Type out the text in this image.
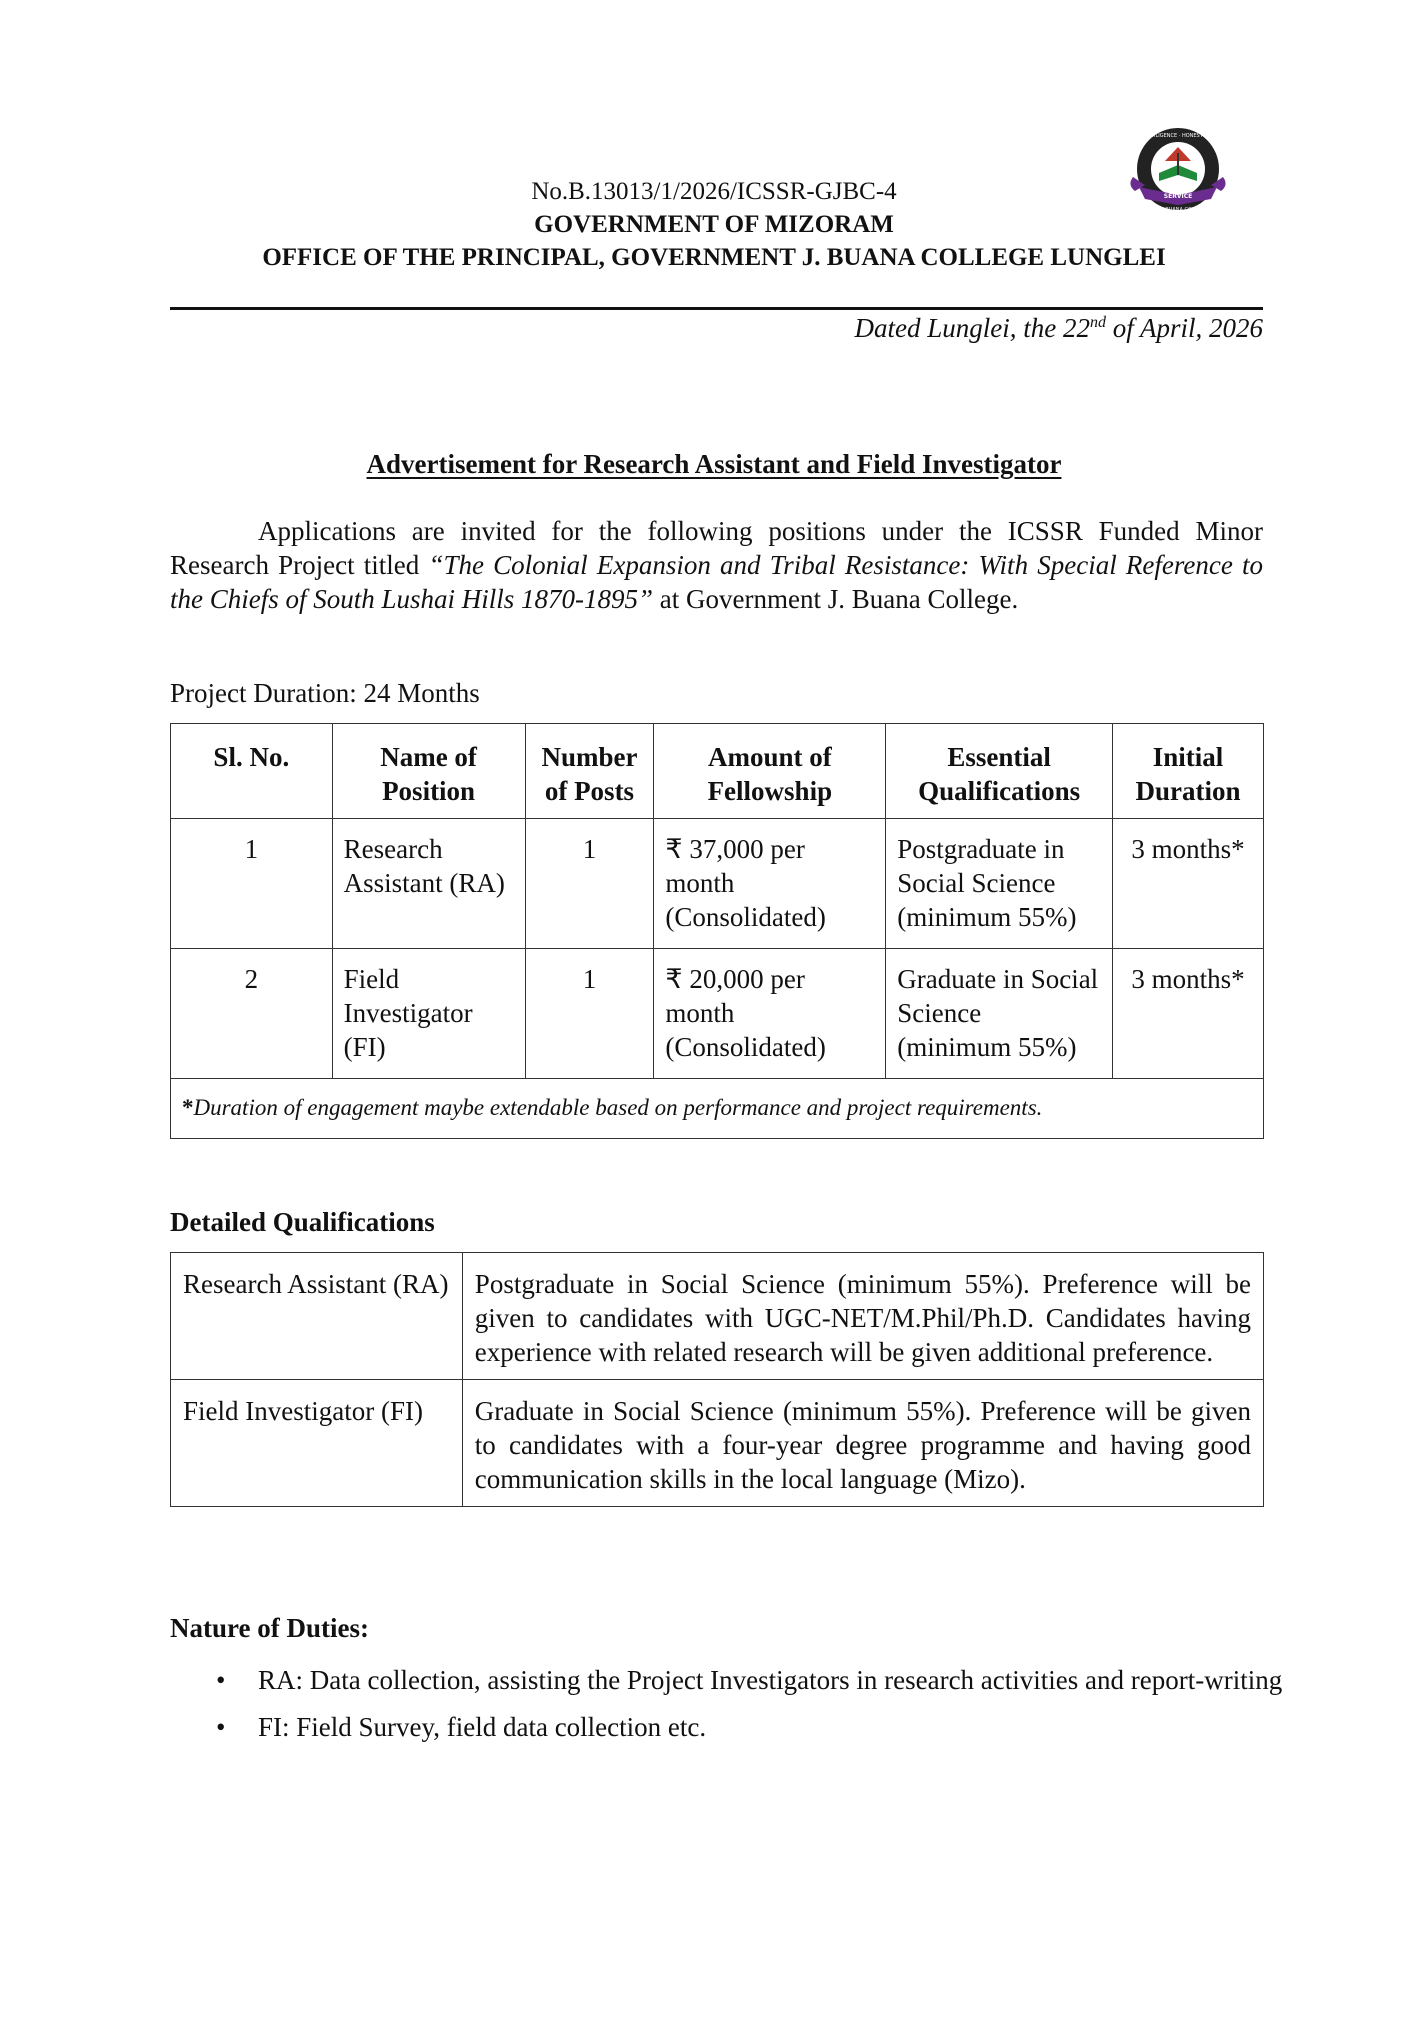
SERVICE
DILIGENCE · HONESTY
J.BUANA COLLEGE
1984
No.B.13013/1/2026/ICSSR-GJBC-4
GOVERNMENT OF MIZORAM
OFFICE OF THE PRINCIPAL, GOVERNMENT J. BUANA COLLEGE LUNGLEI
Dated Lunglei, the 22nd of April, 2026
Advertisement for Research Assistant and Field Investigator
Applications are invited for the following positions under the ICSSR Funded Minor Research Project titled “The Colonial Expansion and Tribal Resistance: With Special Reference to the Chiefs of South Lushai Hills 1870-1895” at Government J. Buana College.
Project Duration: 24 Months
Sl. No.	Name of Position	Number of Posts	Amount of Fellowship	Essential Qualifications	Initial Duration
1	Research Assistant (RA)	1	₹ 37,000 per month (Consolidated)	Postgraduate in Social Science (minimum 55%)	3 months*
2	Field Investigator (FI)	1	₹ 20,000 per month (Consolidated)	Graduate in Social Science (minimum 55%)	3 months*
*Duration of engagement maybe extendable based on performance and project requirements.					
Detailed Qualifications
Research Assistant (RA)	Postgraduate in Social Science (minimum 55%). Preference will be given to candidates with UGC-NET/M.Phil/Ph.D. Candidates having experience with related research will be given additional preference.
Field Investigator (FI)	Graduate in Social Science (minimum 55%). Preference will be given to candidates with a four-year degree programme and having good communication skills in the local language (Mizo).
Nature of Duties:
• RA: Data collection, assisting the Project Investigators in research activities and report-writing
• FI: Field Survey, field data collection etc.
